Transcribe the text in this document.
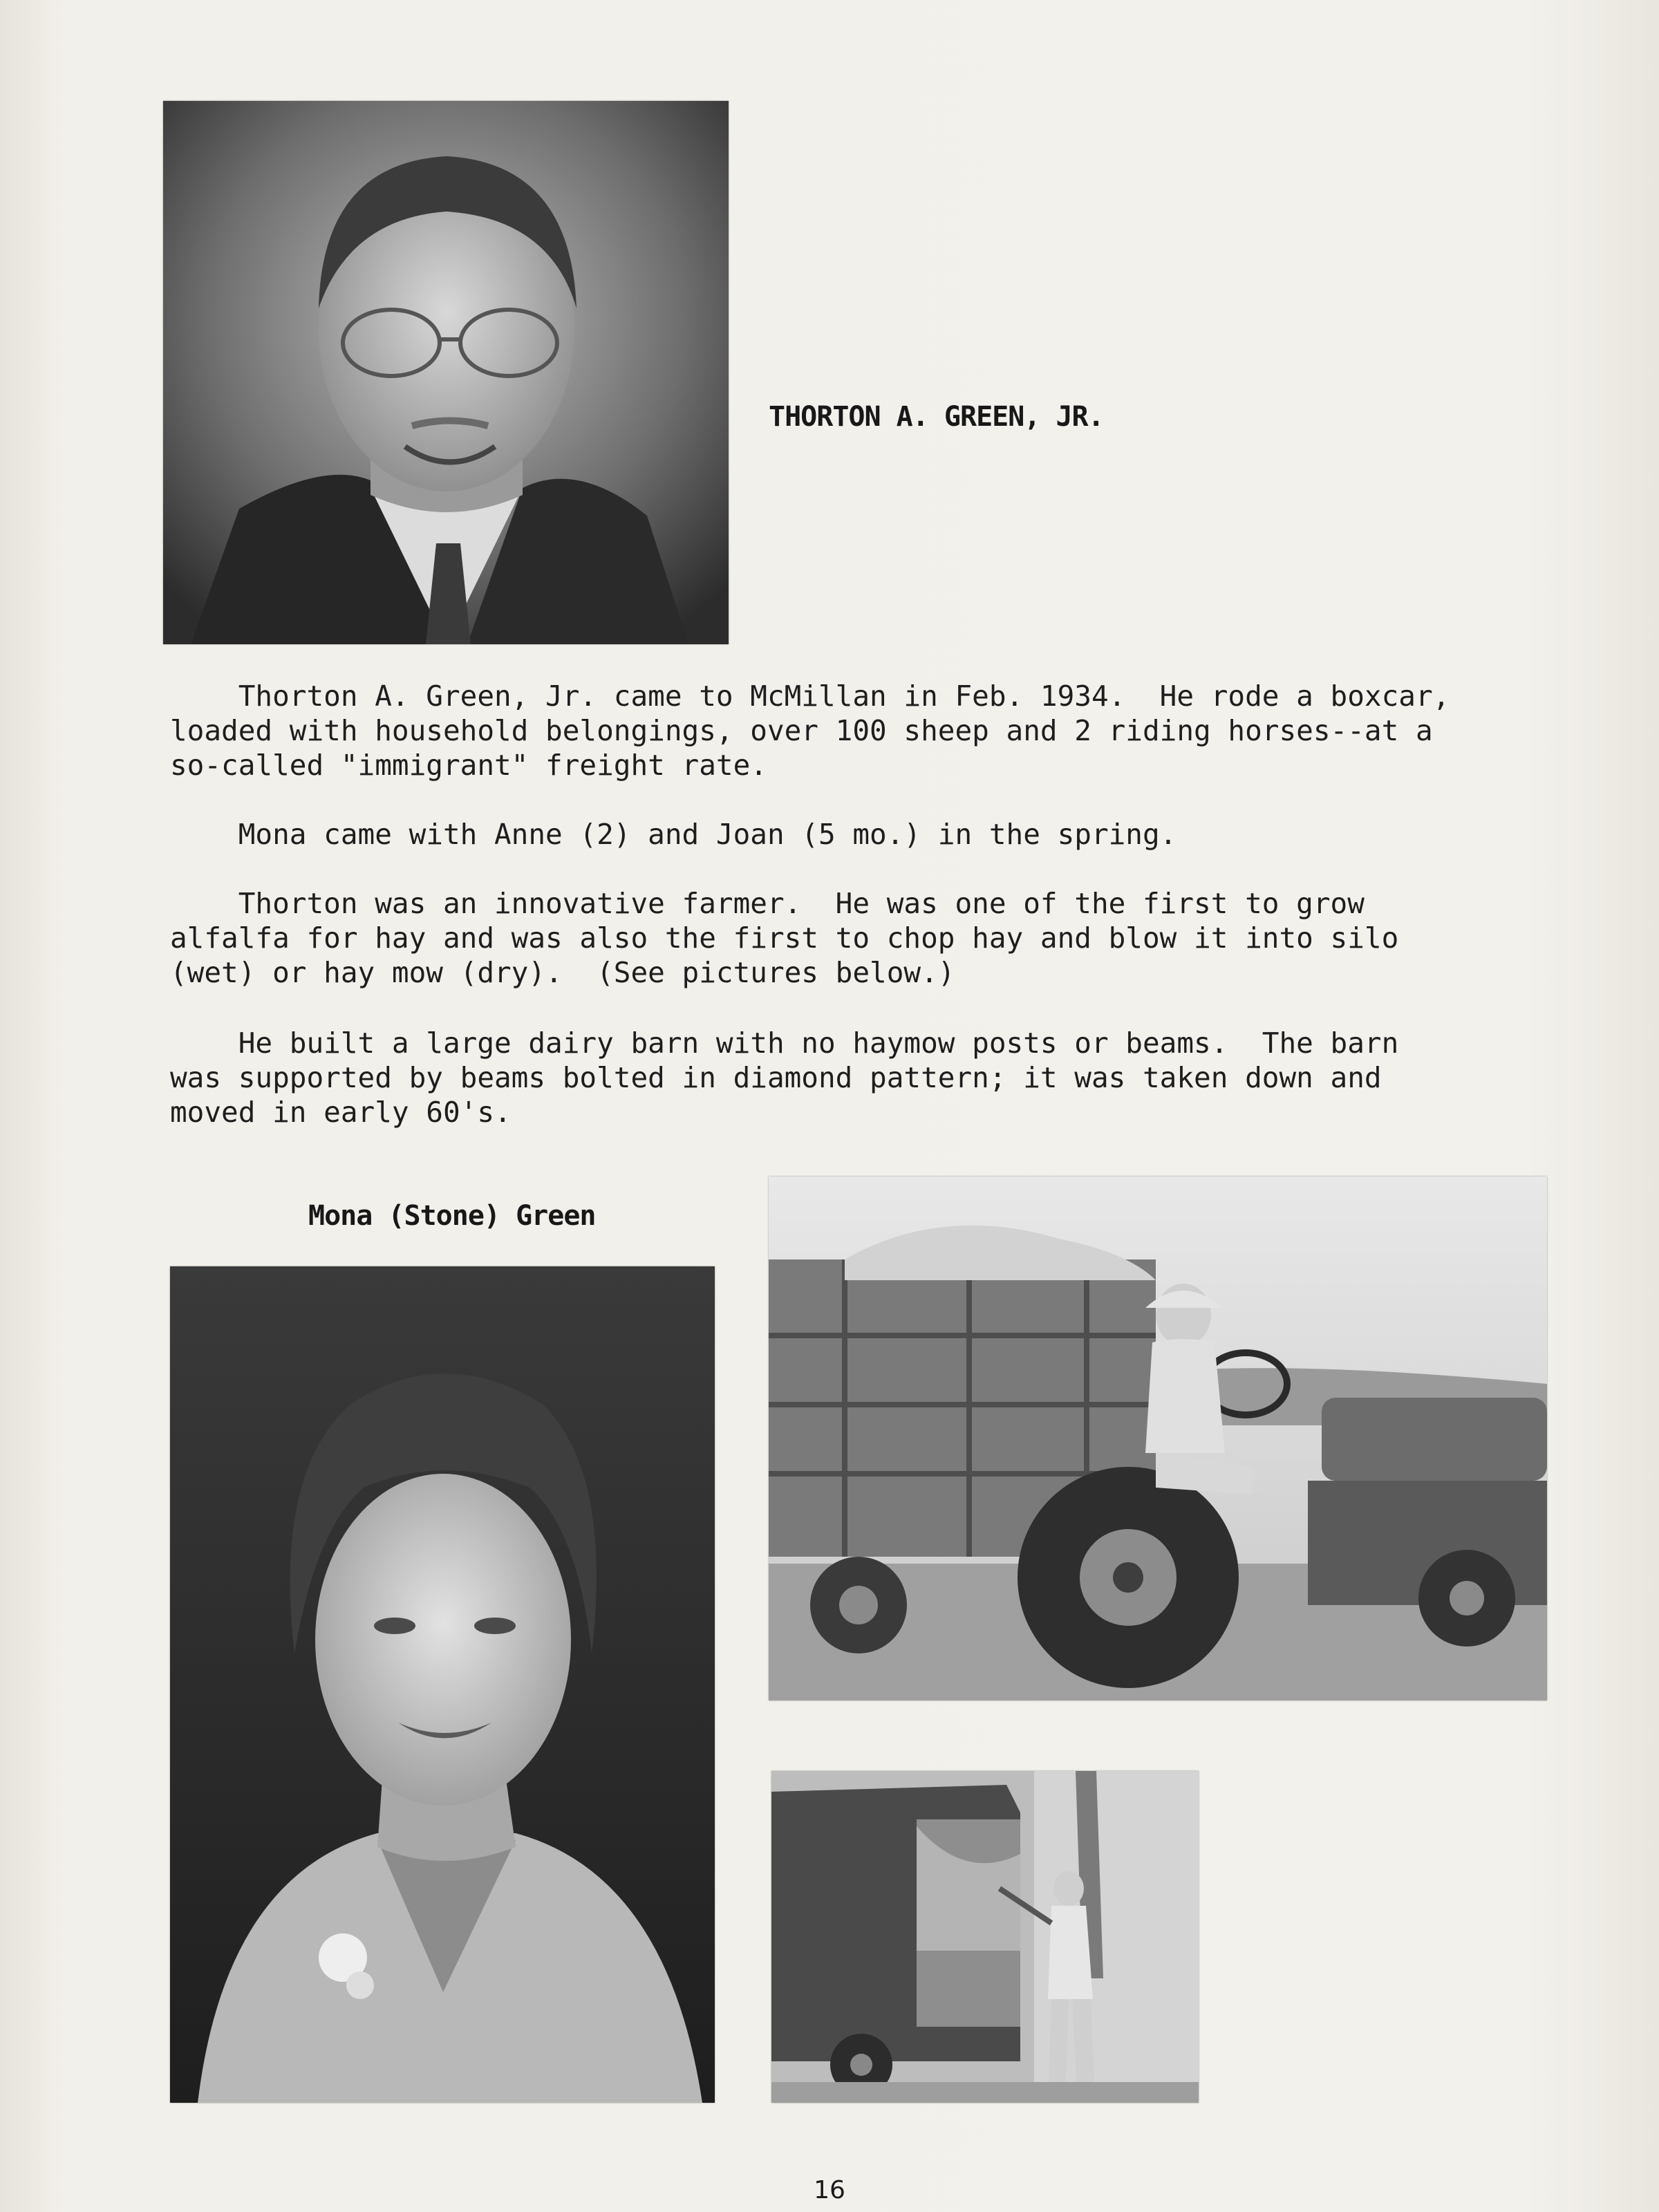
THORTON A. GREEN, JR.
Thorton A. Green, Jr. came to McMillan in Feb. 1934.  He rode a boxcar,
loaded with household belongings, over 100 sheep and 2 riding horses--at a
so-called "immigrant" freight rate.
Mona came with Anne (2) and Joan (5 mo.) in the spring.
Thorton was an innovative farmer.  He was one of the first to grow
alfalfa for hay and was also the first to chop hay and blow it into silo
(wet) or hay mow (dry).  (See pictures below.)
He built a large dairy barn with no haymow posts or beams.  The barn
was supported by beams bolted in diamond pattern; it was taken down and
moved in early 60's.
Mona (Stone) Green
16
